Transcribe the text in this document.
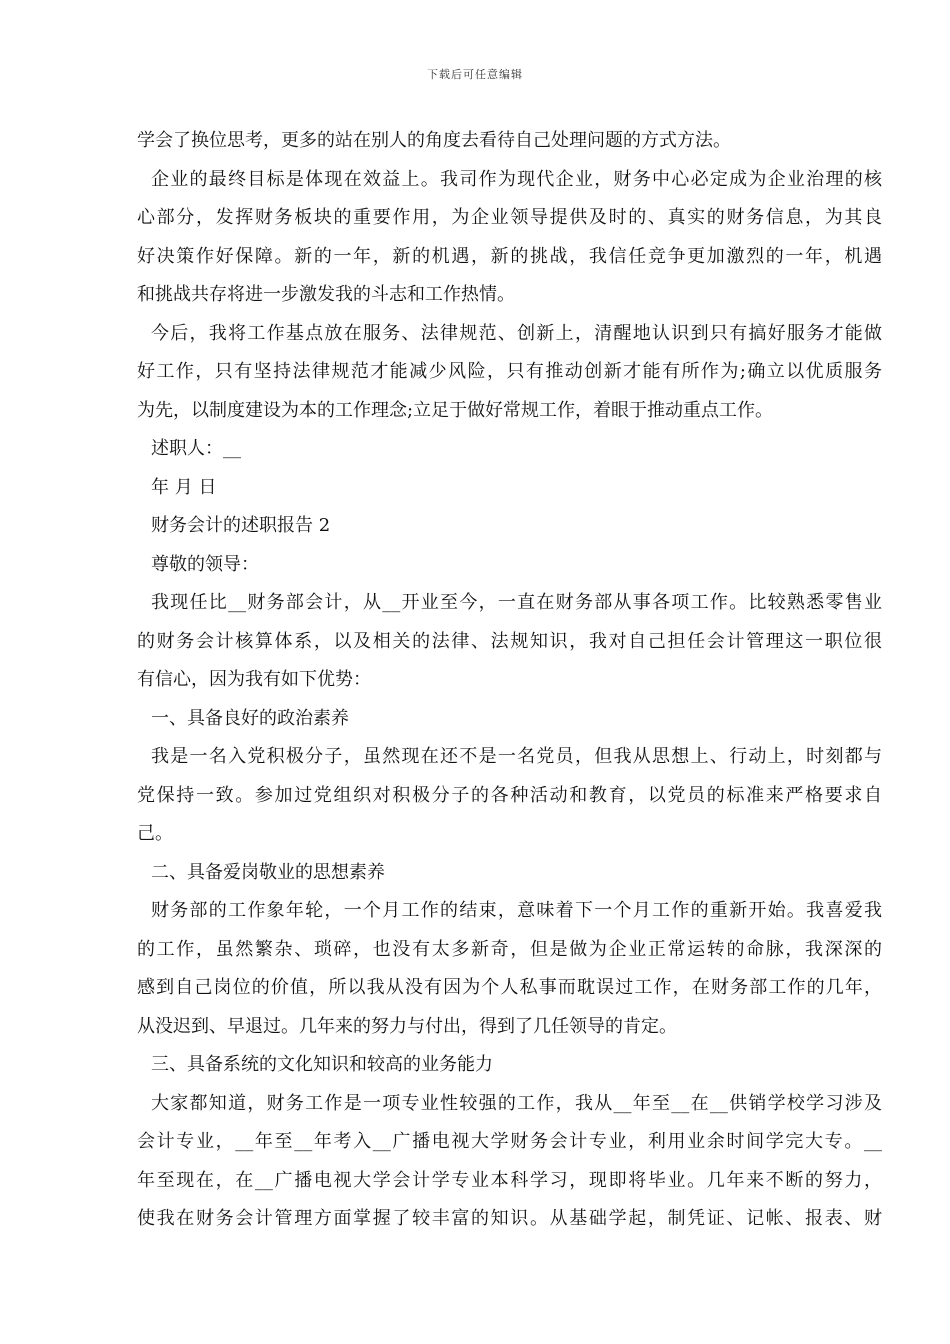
下载后可任意编辑
学会了换位思考，更多的站在别人的角度去看待自己处理问题的方式方法。
企业的最终目标是体现在效益上。我司作为现代企业，财务中心必定成为企业治理的核
心部分，发挥财务板块的重要作用，为企业领导提供及时的、真实的财务信息，为其良
好决策作好保障。新的一年，新的机遇，新的挑战，我信任竞争更加激烈的一年，机遇
和挑战共存将进一步激发我的斗志和工作热情。
今后，我将工作基点放在服务、法律规范、创新上，清醒地认识到只有搞好服务才能做
好工作，只有坚持法律规范才能减少风险，只有推动创新才能有所作为;确立以优质服务
为先，以制度建设为本的工作理念;立足于做好常规工作，着眼于推动重点工作。
述职人：__
年 月 日
财务会计的述职报告 2
尊敬的领导：
我现任比__财务部会计，从__开业至今，一直在财务部从事各项工作。比较熟悉零售业
的财务会计核算体系，以及相关的法律、法规知识，我对自己担任会计管理这一职位很
有信心，因为我有如下优势：
一、具备良好的政治素养
我是一名入党积极分子，虽然现在还不是一名党员，但我从思想上、行动上，时刻都与
党保持一致。参加过党组织对积极分子的各种活动和教育，以党员的标准来严格要求自
己。
二、具备爱岗敬业的思想素养
财务部的工作象年轮，一个月工作的结束，意味着下一个月工作的重新开始。我喜爱我
的工作，虽然繁杂、琐碎，也没有太多新奇，但是做为企业正常运转的命脉，我深深的
感到自己岗位的价值，所以我从没有因为个人私事而耽误过工作，在财务部工作的几年，
从没迟到、早退过。几年来的努力与付出，得到了几任领导的肯定。
三、具备系统的文化知识和较高的业务能力
大家都知道，财务工作是一项专业性较强的工作，我从__年至__在__供销学校学习涉及
会计专业，__年至__年考入__广播电视大学财务会计专业，利用业余时间学完大专。__
年至现在，在__广播电视大学会计学专业本科学习，现即将毕业。几年来不断的努力，
使我在财务会计管理方面掌握了较丰富的知识。从基础学起，制凭证、记帐、报表、财
